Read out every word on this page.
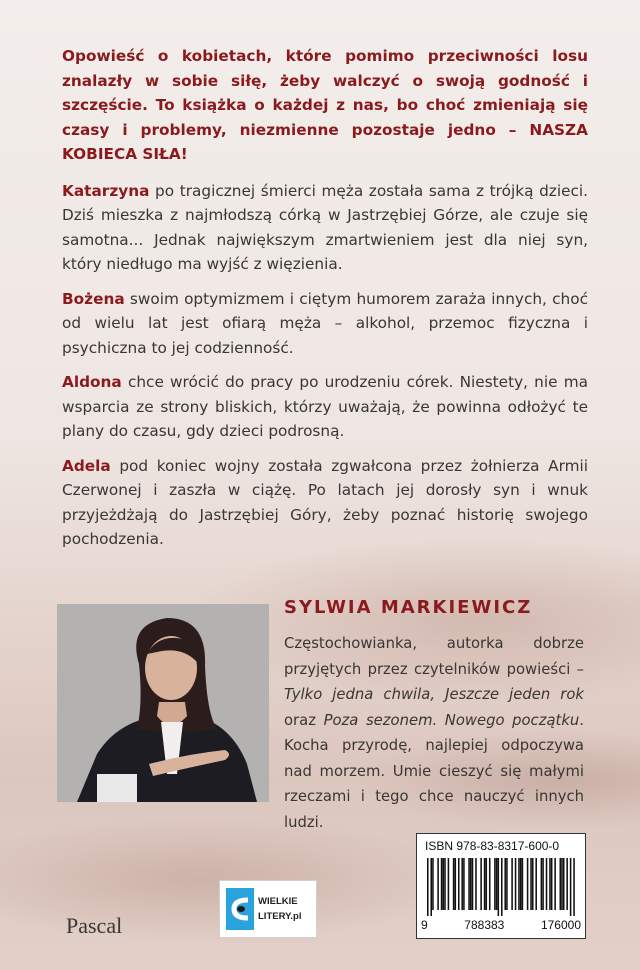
Opowieść o kobietach, które pomimo przeciwności losu znalazły w sobie siłę, żeby walczyć o swoją godność i szczęście. To książka o każdej z nas, bo choć zmieniają się czasy i problemy, niezmienne pozostaje jedno – NASZA KOBIECA SIŁA!

Katarzyna po tragicznej śmierci męża została sama z trójką dzieci. Dziś mieszka z najmłodszą córką w Jastrzębiej Górze, ale czuje się samotna... Jednak największym zmartwieniem jest dla niej syn, który niedługo ma wyjść z więzienia.

Bożena swoim optymizmem i ciętym humorem zaraża innych, choć od wielu lat jest ofiarą męża – alkohol, przemoc fizyczna i psychiczna to jej codzienność.

Aldona chce wrócić do pracy po urodzeniu córek. Niestety, nie ma wsparcia ze strony bliskich, którzy uważają, że powinna odłożyć te plany do czasu, gdy dzieci podrosną.

Adela pod koniec wojny została zgwałcona przez żołnierza Armii Czerwonej i zaszła w ciążę. Po latach jej dorosły syn i wnuk przyjeżdżają do Jastrzębiej Góry, żeby poznać historię swojego pochodzenia.

SYLWIA MARKIEWICZ
Częstochowianka, autorka dobrze przyjętych przez czytelników powieści – Tylko jedna chwila, Jeszcze jeden rok oraz Poza sezonem. Nowego początku. Kocha przyrodę, najlepiej odpoczywa nad morzem. Umie cieszyć się małymi rzeczami i tego chce nauczyć innych ludzi.
ISBN 978-83-8317-600-0
9	788383	176000
WIELKIE
LITERY.pl
Pascal
